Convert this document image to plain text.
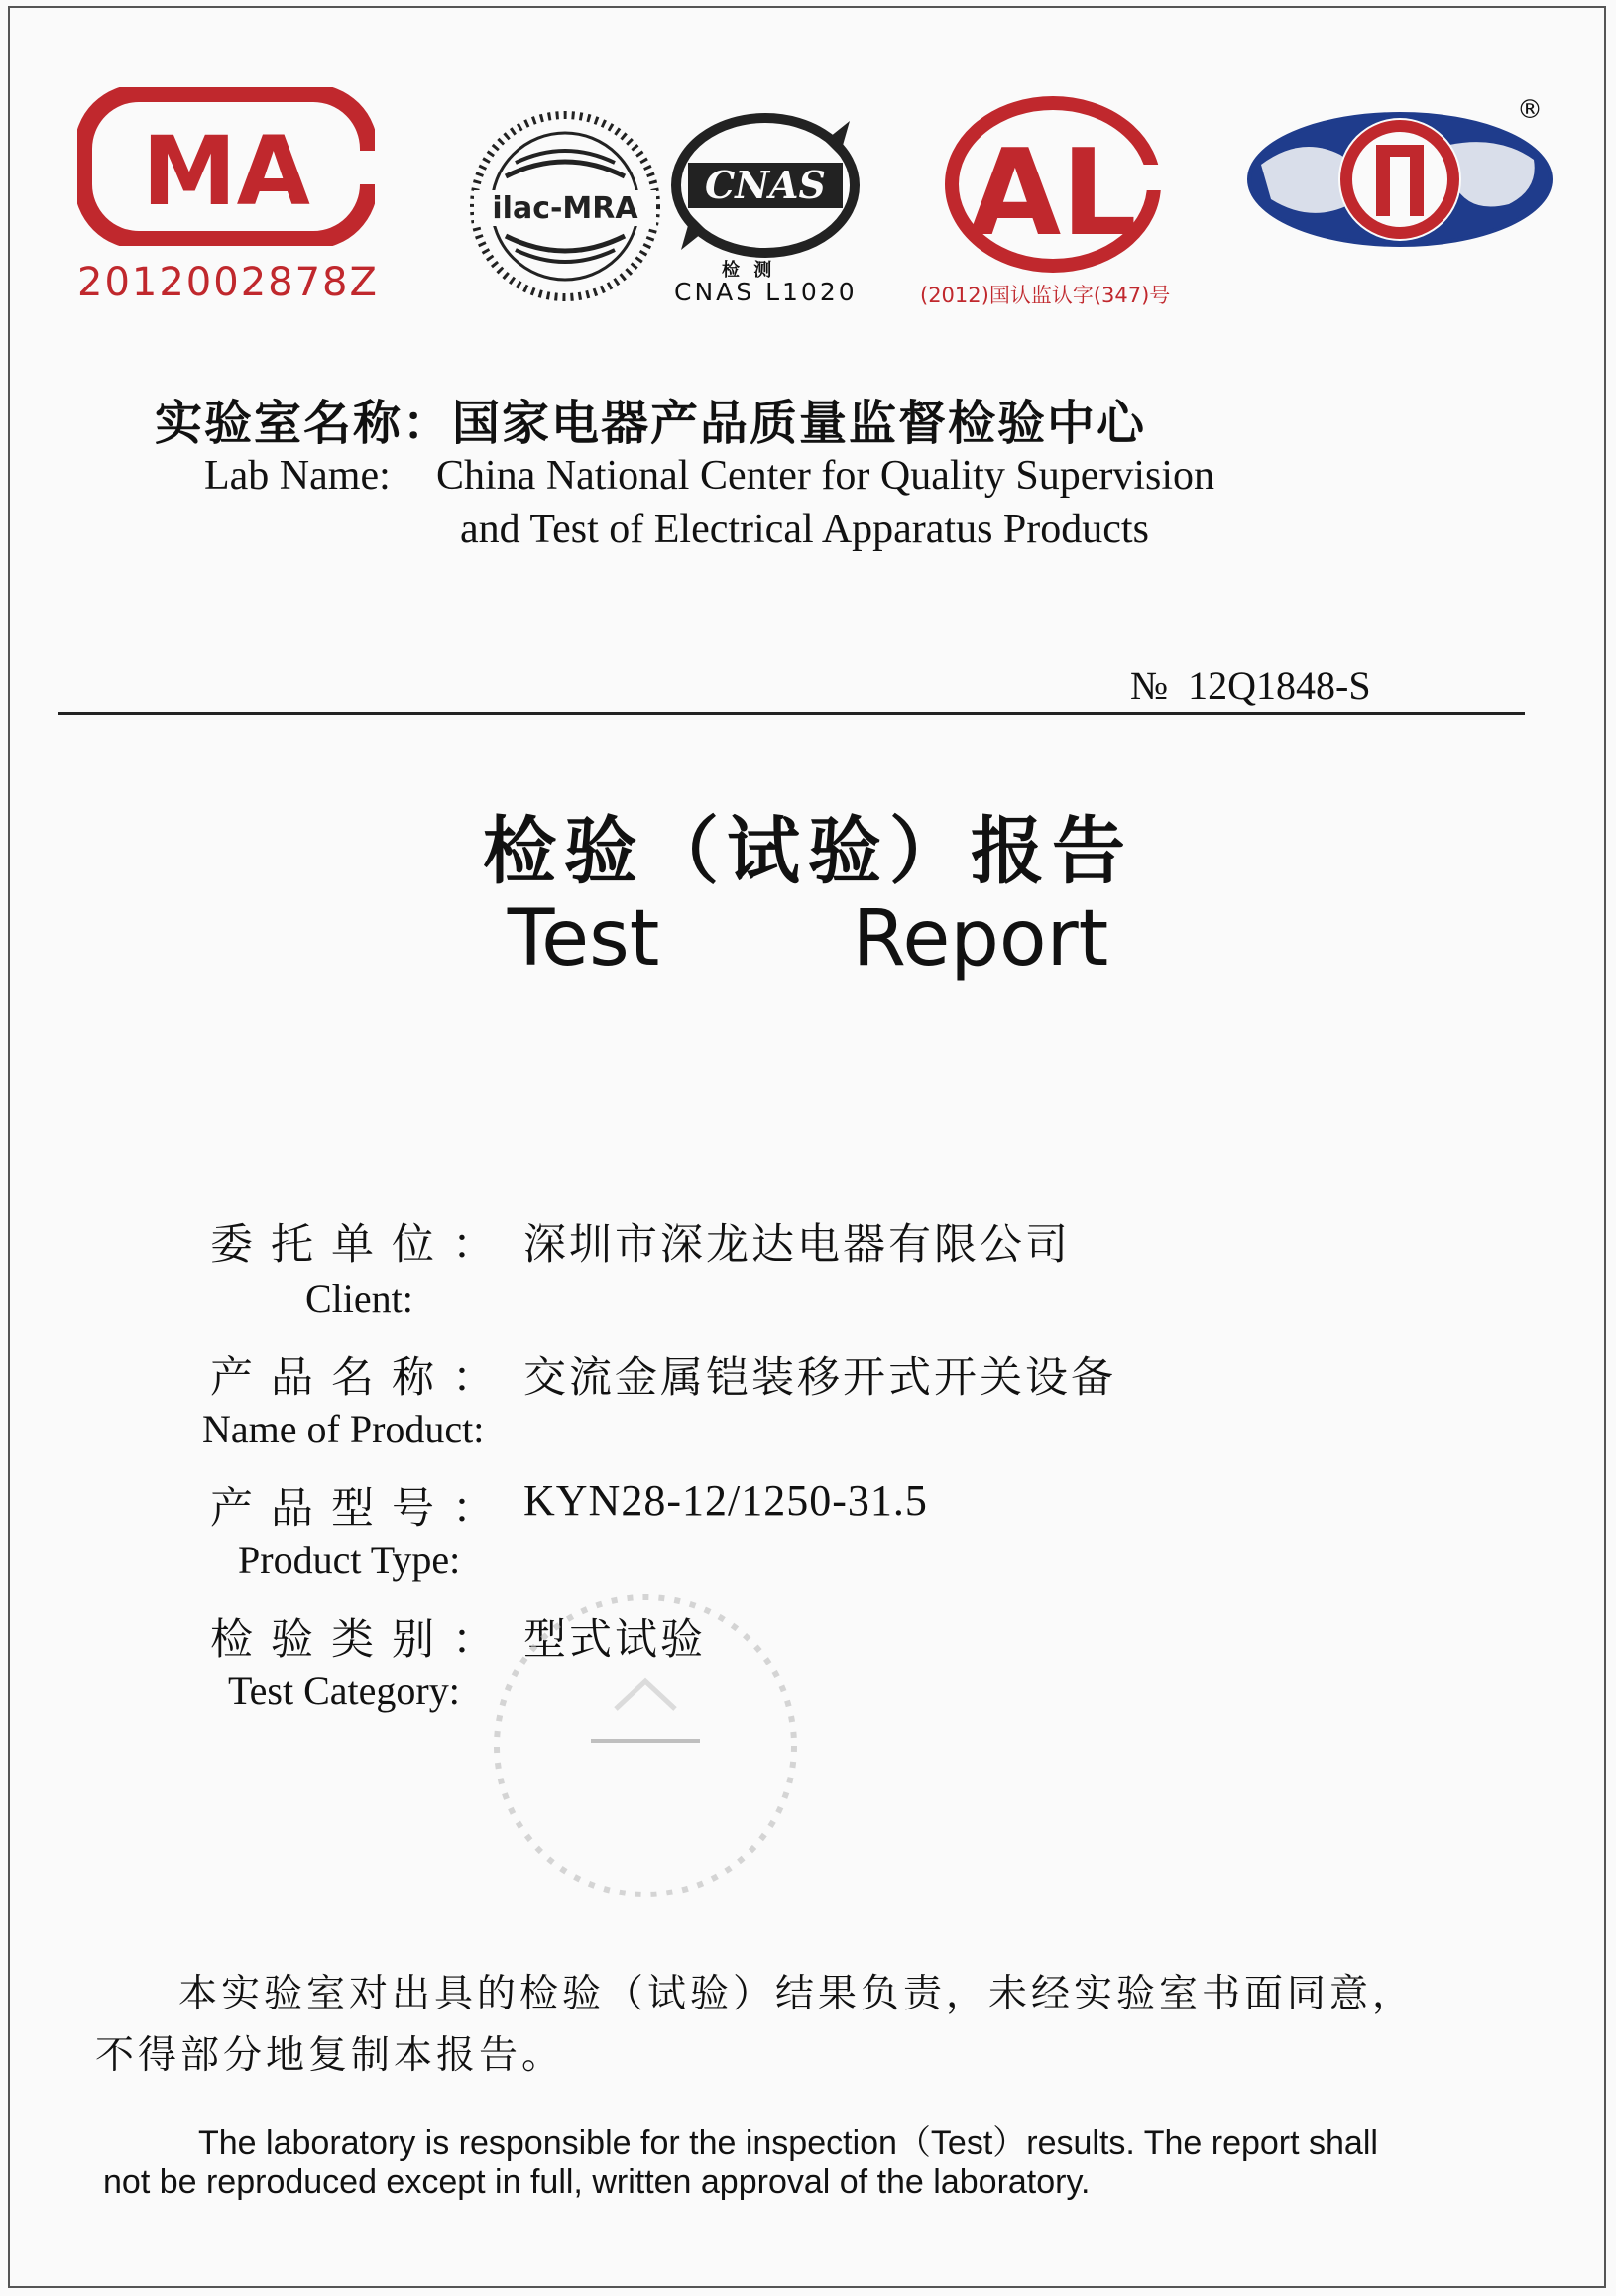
MA
2012002878Z
ilac-MRA
CNAS
检 测
CNAS L1020
AL
(2012)国认监认字(347)号
®
实验室名称：国家电器产品质量监督检验中心
Lab Name: China National Center for Quality Supervision
and Test of Electrical Apparatus Products
№ 12Q1848-S
检验（试验）报告
Test   Report
委托单位： 深圳市深龙达电器有限公司
Client:
产品名称： 交流金属铠装移开式开关设备
Name of Product:
产品型号： KYN28-12/1250-31.5
Product Type:
检验类别： 型式试验
Test Category:
本实验室对出具的检验（试验）结果负责，未经实验室书面同意，
不得部分地复制本报告。
The laboratory is responsible for the inspection（Test）results. The report shall
not be reproduced except in full, written approval of the laboratory.
